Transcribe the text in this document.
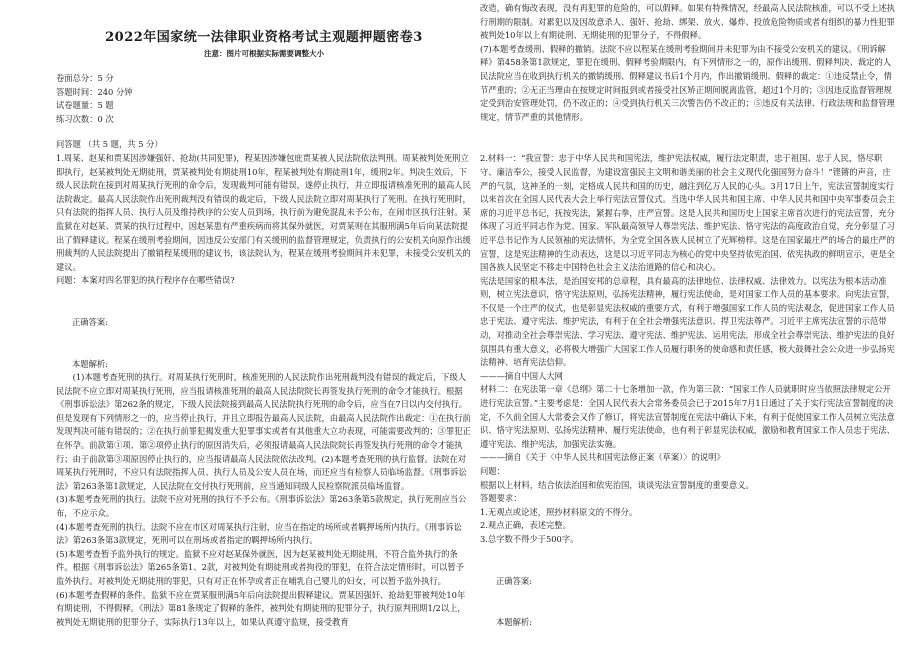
2022年国家统一法律职业资格考试主观题押题密卷3
注意：图片可根据实际需要调整大小

卷面总分：5 分

答题时间：240 分钟

试卷题量：5 题

练习次数：0 次

问答题 （共 5 题，共 5 分）

1.周某、赵某和贾某因涉嫌强奸、抢劫(共同犯罪)，程某因涉嫌包庇贾某被人民法院依法判刑。周某被判处死刑立即执行，赵某被判处无期徒刑，贾某被判处有期徒刑10年，程某被判处有期徒刑1年，缓刑2年。判决生效后，下级人民法院在接到对周某执行死刑的命令后，发现裁判可能有错误，遂停止执行，并立即报请核准死刑的最高人民法院裁定。最高人民法院作出死刑裁判没有错误的裁定后，下级人民法院立即对周某执行了死刑。在执行死刑时，只有法院的指挥人员、执行人员及维持秩序的公安人员到场，执行前为避免混乱未予公布，在闹市区执行注射。某监狱在对赵某、贾某的执行过程中，因赵某患有严重疾病而将其保外就医，对贾某则在其服刑满5年后向某法院提出了假释建议。程某在缓刑考验期间，因违反公安部门有关缓刑的监督管理规定，负责执行的公安机关向原作出缓刑裁判的人民法院提出了撤销程某缓刑的建议书，该法院认为，程某在缓刑考验期间并未犯罪，未接受公安机关的建议。

问题：本案对四名罪犯的执行程序存在哪些错误?

正确答案:

本题解析:

(1)本题考查死刑的执行。对周某执行死刑时，核准死刑的人民法院作出死刑裁判没有错误的裁定后，下级人民法院不应立即对周某执行死刑，应当报请核准死刑的最高人民法院院长再签发执行死刑的命令才能执行。根据《刑事诉讼法》第262条的规定，下级人民法院接到最高人民法院执行死刑的命令后，应当在7日以内交付执行。但是发现有下列情形之一的，应当停止执行，并且立即报告最高人民法院，由最高人民法院作出裁定：①在执行前发现判决可能有错误的；②在执行前罪犯揭发重大犯罪事实或者有其他重大立功表现，可能需要改判的；③罪犯正在怀孕。前款第①项、第②项停止执行的原因消失后，必须报请最高人民法院院长再签发执行死刑的命令才能执行；由于前款第③项原因停止执行的，应当报请最高人民法院依法改判。(2)本题考查死刑的执行监督。法院在对周某执行死刑时，不应只有法院指挥人员、执行人员及公安人员在场，而还应当有检察人员临场监督。《刑事诉讼法》第263条第1款规定，人民法院在交付执行死刑前，应当通知同级人民检察院派员临场监督。

(3)本题考查死刑的执行。法院不应对死刑的执行不予公布。《刑事诉讼法》第263条第5款规定，执行死刑应当公布，不应示众。

(4)本题考查死刑的执行。法院不应在市区对周某执行注射，应当在指定的场所或者羁押场所内执行。《刑事诉讼法》第263条第3款规定，死刑可以在刑场或者指定的羁押场所内执行。

(5)本题考查暂予监外执行的规定。监狱不应对赵某保外就医，因为赵某被判处无期徒刑，不符合监外执行的条件。根据《刑事诉讼法》第265条第1、2款，对被判处有期徒刑或者拘役的罪犯，在符合法定情形时，可以暂予监外执行。对被判处无期徒刑的罪犯，只有对正在怀孕或者正在哺乳自己婴儿的妇女，可以暂予监外执行。

(6)本题考查假释的条件。监狱不应在贾某服刑满5年后向法院提出假释建议。贾某因强奸、抢劫犯罪被判处10年有期徒刑，不得假释。《刑法》第81条规定了假释的条件，被判处有期徒刑的犯罪分子，执行原判刑期1/2以上，被判处无期徒刑的犯罪分子，实际执行13年以上，如果认真遵守监规，接受教育

改造，确有悔改表现，没有再犯罪的危险的，可以假释。如果有特殊情况，经最高人民法院核准，可以不受上述执行刑期的限制。对累犯以及因故意杀人、强奸、抢劫、绑架、放火、爆炸、投放危险物质或者有组织的暴力性犯罪被判处10年以上有期徒刑、无期徒刑的犯罪分子，不得假释。

(7)本题考查缓刑、假释的撤销。法院不应以程某在缓刑考验期间并未犯罪为由不接受公安机关的建议。《刑诉解释》第458条第1款规定，罪犯在缓刑、假释考验期限内，有下列情形之一的，原作出缓刑、假释判决、裁定的人民法院应当在收到执行机关的撤销缓刑、假释建议书后1个月内，作出撤销缓刑、假释的裁定：①违反禁止令，情节严重的；②无正当理由在按规定时间报到或者接受社区矫正期间脱离监管，超过1个月的；③因违反监督管理规定受到治安管理处罚，仍不改正的；④受到执行机关三次警告仍不改正的；⑤违反有关法律、行政法规和监督管理规定，情节严重的其他情形。

2.材料一：“我宣誓：忠于中华人民共和国宪法，维护宪法权威，履行法定职责，忠于祖国、忠于人民，恪尽职守、廉洁奉公，接受人民监督，为建设富强民主文明和谐美丽的社会主义现代化强国努力奋斗！”铿锵的声音，庄严的气氛，这神圣的一刻，定格成人民共和国的历史，融注到亿万人民的心头。3月17日上午，宪法宣誓制度实行以来首次在全国人民代表大会上举行宪法宣誓仪式。当选中华人民共和国主席、中华人民共和国中央军事委员会主席的习近平总书记，抚按宪法，紧握右拳，庄严宣誓。这是人民共和国历史上国家主席首次进行的宪法宣誓，充分体现了习近平同志作为党、国家、军队最高领导人尊崇宪法、维护宪法、恪守宪法的高度政治自觉，充分彰显了习近平总书记作为人民领袖的宪法情怀，为全党全国各族人民树立了光辉榜样。这是在国家最庄严的场合的最庄严的宣誓，这是宪法精神的生动表达，这是以习近平同志为核心的党中央坚持依宪治国、依宪执政的鲜明宣示，更是全国各族人民坚定不移走中国特色社会主义法治道路的信心和决心。

宪法是国家的根本法，是治国安邦的总章程，具有最高的法律地位、法律权威、法律效力。以宪法为根本活动准则，树立宪法意识，恪守宪法原则，弘扬宪法精神，履行宪法使命，是对国家工作人员的基本要求。向宪法宣誓，不仅是一个庄严的仪式，也是彰显宪法权威的重要方式，有利于增强国家工作人员的宪法观念，促进国家工作人员忠于宪法、遵守宪法、维护宪法，有利于在全社会增强宪法意识、捍卫宪法尊严。习近平主席宪法宣誓的示范带动，对推动全社会尊崇宪法、学习宪法、遵守宪法、维护宪法、运用宪法，形成全社会尊崇宪法、维护宪法的良好氛围具有重大意义，必将极大增强广大国家工作人员履行职务的使命感和责任感，极大鼓舞社会公众进一步弘扬宪法精神、培育宪法信仰。

———摘自中国人大网

材料二：在宪法第一章《总纲》第二十七条增加一款，作为第三款：“国家工作人员就职时应当依照法律规定公开进行宪法宣誓。”主要考虑是：全国人民代表大会常务委员会已于2015年7月1日通过了关于实行宪法宣誓制度的决定，不久前全国人大常委会又作了修订，将宪法宣誓制度在宪法中确认下来，有利于促使国家工作人员树立宪法意识、恪守宪法原则、弘扬宪法精神、履行宪法使命，也有利于彰显宪法权威，激励和教育国家工作人员忠于宪法、遵守宪法、维护宪法，加强宪法实施。

———摘自《关于〈中华人民共和国宪法修正案（草案）〉的说明》

问题：

根据以上材料，结合依法治国和依宪治国，谈谈宪法宣誓制度的重要意义。

答题要求：

1.无观点或论述，照抄材料原文的不得分。

2.观点正确，表述完整。

3.总字数不得少于500字。

正确答案:

本题解析:
